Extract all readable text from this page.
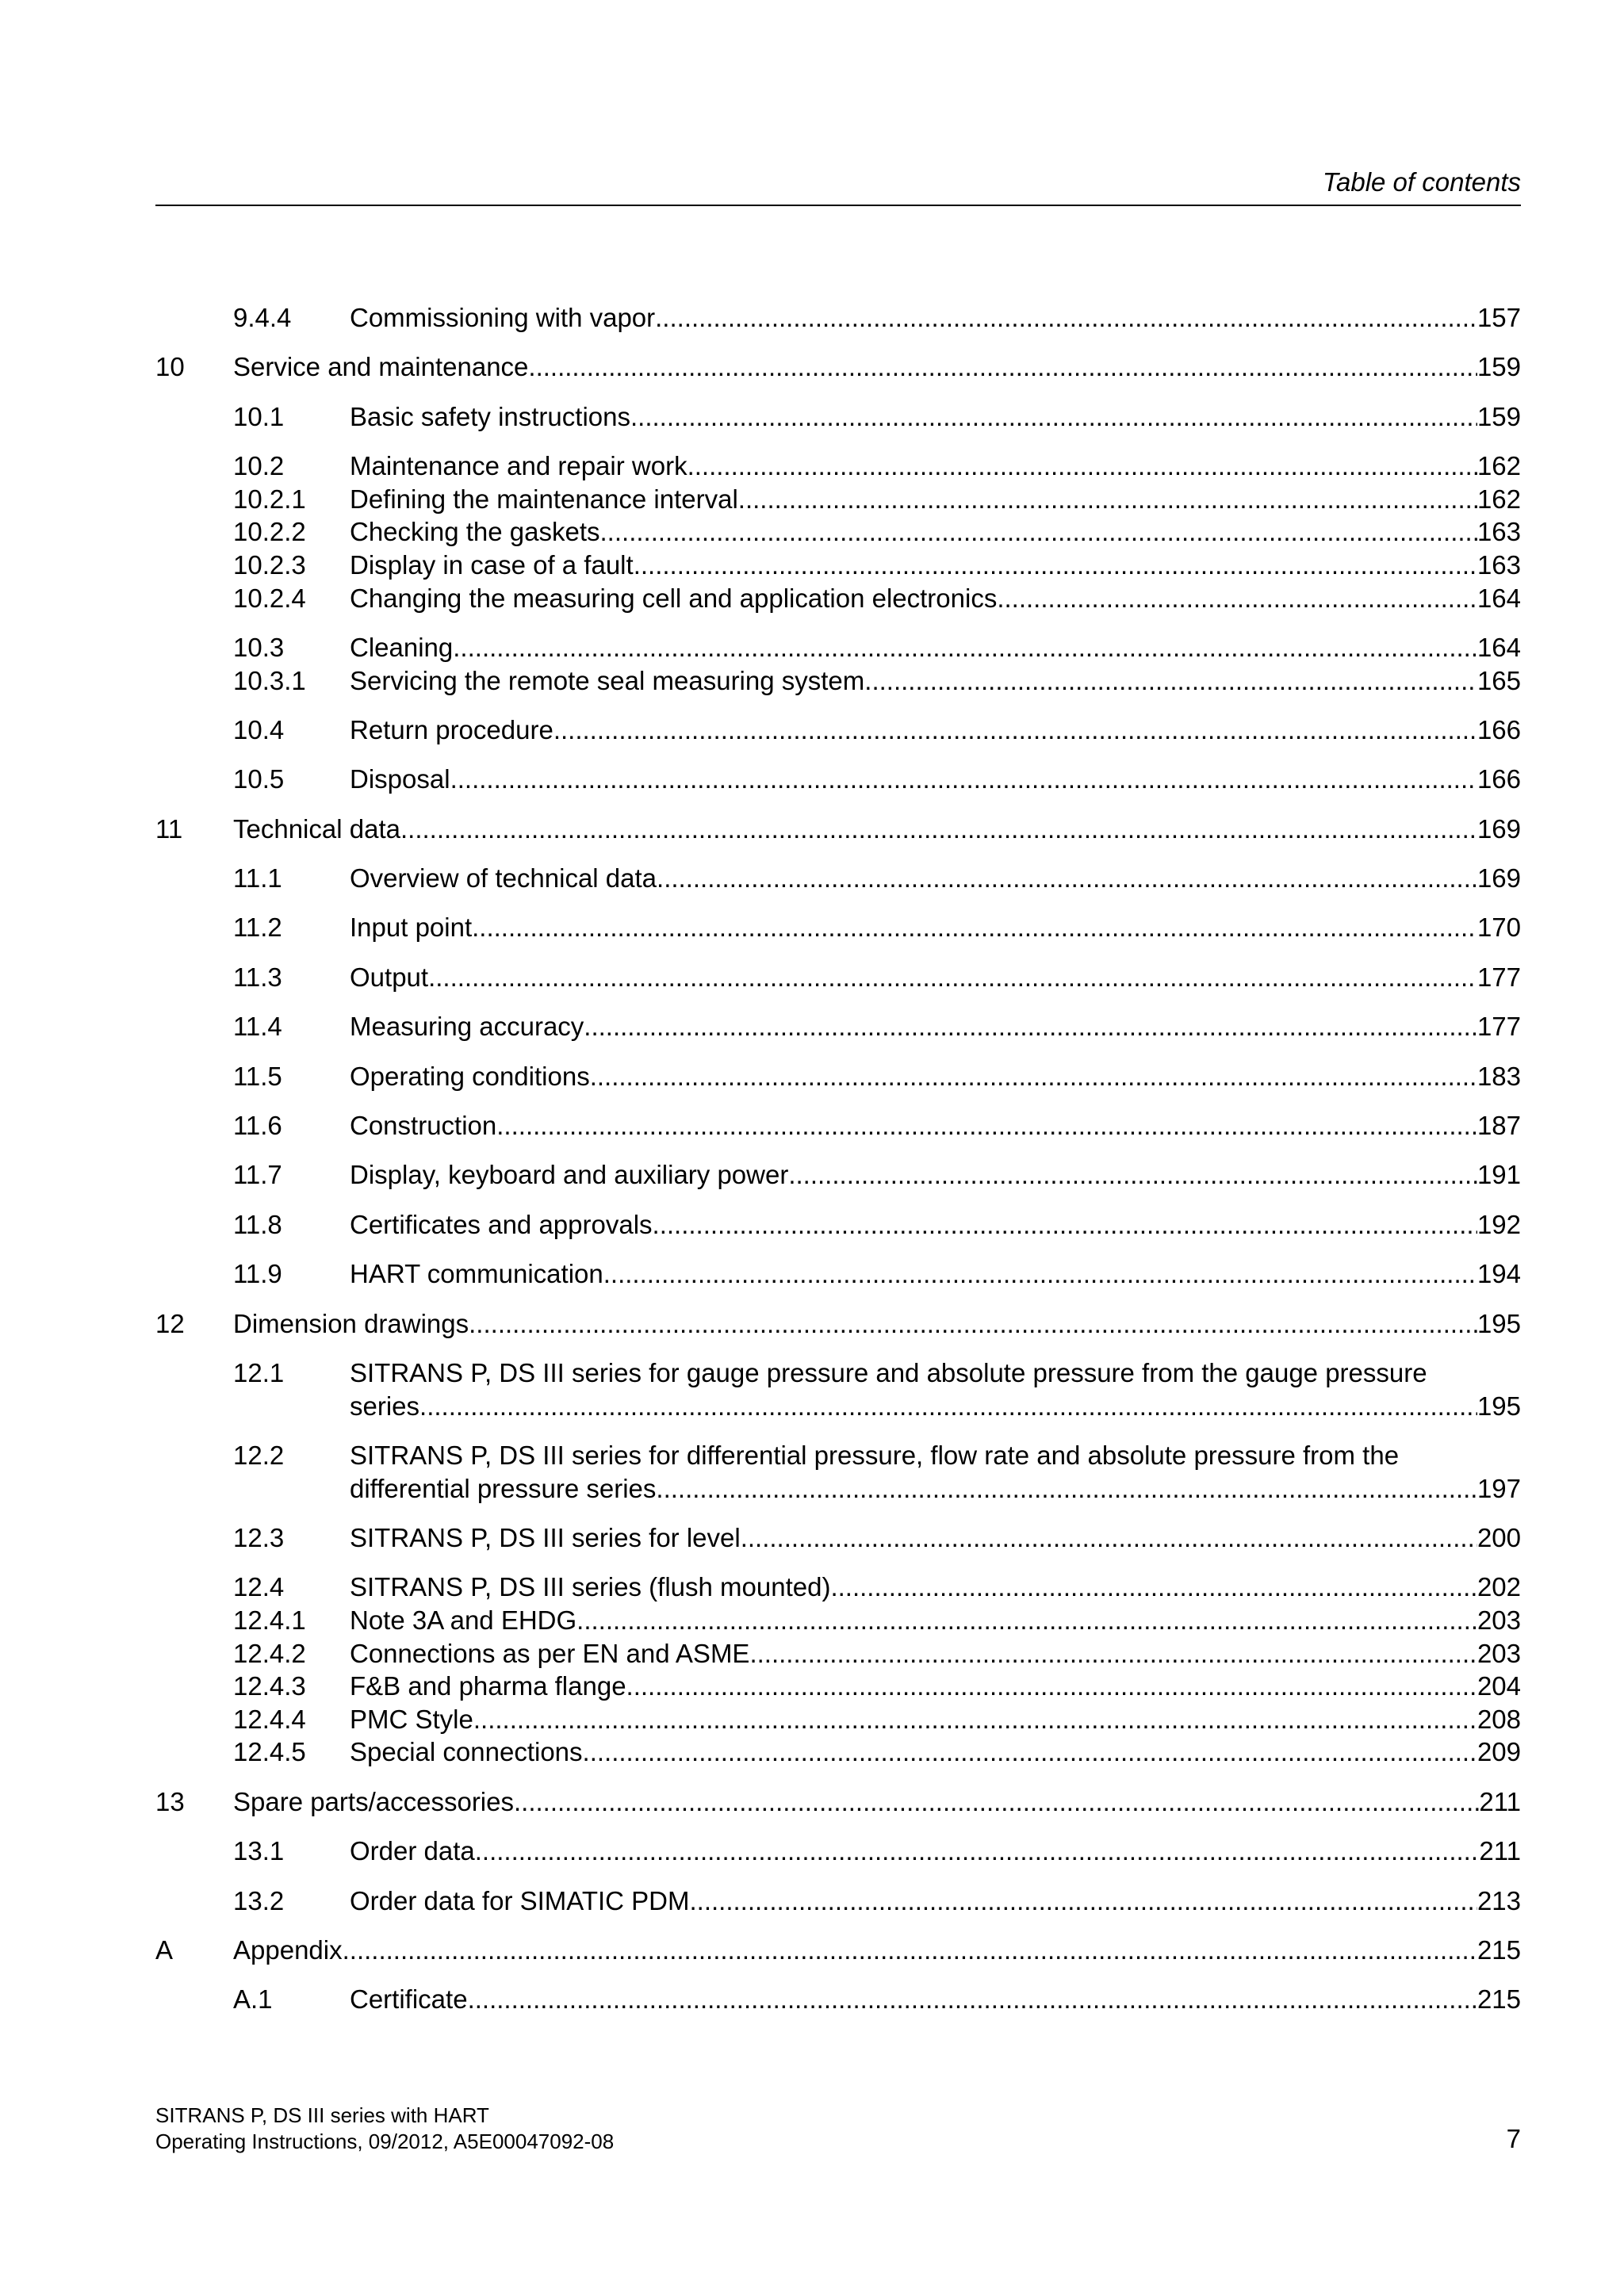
Table of contents
9.4.4	Commissioning with vapor .....	157
10	Service and maintenance .....	159
10.1	Basic safety instructions .....	159
10.2	Maintenance and repair work .....	162
10.2.1	Defining the maintenance interval .....	162
10.2.2	Checking the gaskets .....	163
10.2.3	Display in case of a fault .....	163
10.2.4	Changing the measuring cell and application electronics .....	164
10.3	Cleaning .....	164
10.3.1	Servicing the remote seal measuring system .....	165
10.4	Return procedure .....	166
10.5	Disposal .....	166
11	Technical data .....	169
11.1	Overview of technical data .....	169
11.2	Input point .....	170
11.3	Output .....	177
11.4	Measuring accuracy .....	177
11.5	Operating conditions .....	183
11.6	Construction .....	187
11.7	Display, keyboard and auxiliary power .....	191
11.8	Certificates and approvals .....	192
11.9	HART communication .....	194
12	Dimension drawings .....	195
12.1	SITRANS P, DS III series for gauge pressure and absolute pressure from the gauge pressure
series .....	195
12.2	SITRANS P, DS III series for differential pressure, flow rate and absolute pressure from the
differential pressure series .....	197
12.3	SITRANS P, DS III series for level .....	200
12.4	SITRANS P, DS III series (flush mounted) .....	202
12.4.1	Note 3A and EHDG .....	203
12.4.2	Connections as per EN and ASME .....	203
12.4.3	F&B and pharma flange .....	204
12.4.4	PMC Style .....	208
12.4.5	Special connections .....	209
13	Spare parts/accessories .....	211
13.1	Order data .....	211
13.2	Order data for SIMATIC PDM .....	213
A	Appendix .....	215
A.1	Certificate .....	215
SITRANS P, DS III series with HART
Operating Instructions, 09/2012, A5E00047092-08	7
